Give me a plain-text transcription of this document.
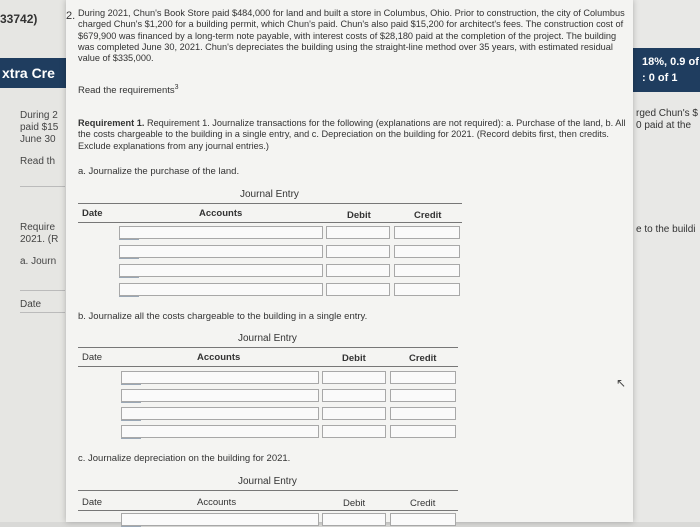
33742)
xtra Cre
During 2
paid $15
June 30
Read th
Require
2021. (R
a. Journ
Date
18%, 0.9 of
: 0 of 1
rged Chun's $
0 paid at the
e to the buildi
2. During 2021, Chun's Book Store paid $484,000 for land and built a store in Columbus, Ohio. Prior to construction, the city of Columbus charged Chun's $1,200 for a building permit, which Chun's paid. Chun's also paid $15,200 for architect's fees. The construction cost of $679,900 was financed by a long-term note payable, with interest costs of $28,180 paid at the completion of the project. The building was completed June 30, 2021. Chun's depreciates the building using the straight-line method over 35 years, with estimated residual value of $335,000.
Read the requirements$^3$
Requirement 1. Requirement 1. Journalize transactions for the following (explanations are not required): a. Purchase of the land, b. All the costs chargeable to the building in a single entry, and c. Depreciation on the building for 2021. (Record debits first, then credits. Exclude explanations from any journal entries.)
a. Journalize the purchase of the land.
Journal Entry
Date	Accounts	Debit	Credit
b. Journalize all the costs chargeable to the building in a single entry.
Journal Entry
Date	Accounts	Debit	Credit
c. Journalize depreciation on the building for 2021.
Journal Entry
Date	Accounts	Debit	Credit
↖
